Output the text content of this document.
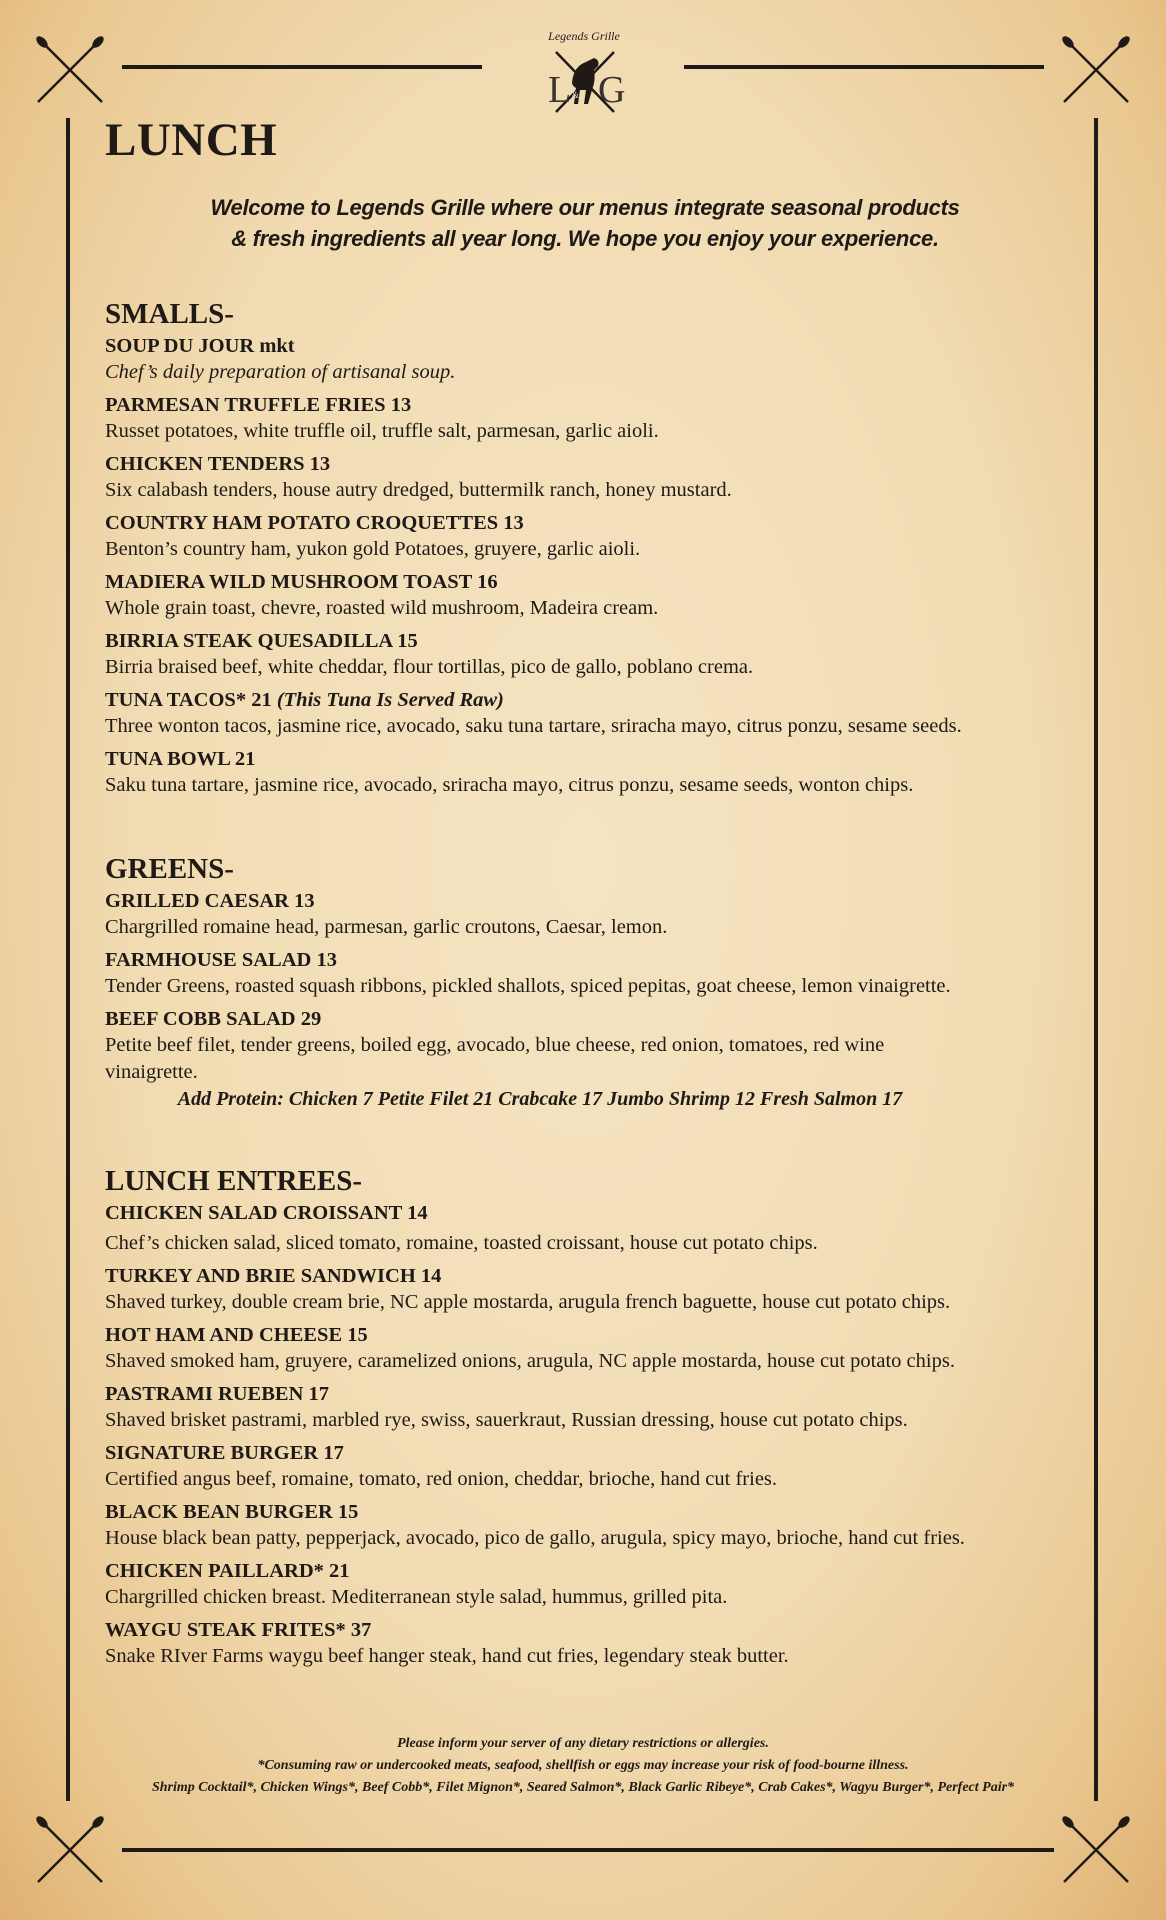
Legends Grille
L G
&
LUNCH
Welcome to Legends Grille where our menus integrate seasonal products
& fresh ingredients all year long. We hope you enjoy your experience.
SMALLS-

SOUP DU JOUR mkt

Chef’s daily preparation of artisanal soup.

PARMESAN TRUFFLE FRIES 13

Russet potatoes, white truffle oil, truffle salt, parmesan, garlic aioli.

CHICKEN TENDERS 13

Six calabash tenders, house autry dredged, buttermilk ranch, honey mustard.

COUNTRY HAM POTATO CROQUETTES 13

Benton’s country ham, yukon gold Potatoes, gruyere, garlic aioli.

MADIERA WILD MUSHROOM TOAST 16

Whole grain toast, chevre, roasted wild mushroom, Madeira cream.

BIRRIA STEAK QUESADILLA 15

Birria braised beef, white cheddar, flour tortillas, pico de gallo, poblano crema.

TUNA TACOS* 21 (This Tuna Is Served Raw)

Three wonton tacos, jasmine rice, avocado, saku tuna tartare, sriracha mayo, citrus ponzu, sesame seeds.

TUNA BOWL 21

Saku tuna tartare, jasmine rice, avocado, sriracha mayo, citrus ponzu, sesame seeds, wonton chips.

GREENS-

GRILLED CAESAR 13

Chargrilled romaine head, parmesan, garlic croutons, Caesar, lemon.

FARMHOUSE SALAD 13

Tender Greens, roasted squash ribbons, pickled shallots, spiced pepitas, goat cheese, lemon vinaigrette.

BEEF COBB SALAD 29

Petite beef filet, tender greens, boiled egg, avocado, blue cheese, red onion, tomatoes, red wine vinaigrette.

Add Protein: Chicken 7 Petite Filet 21 Crabcake 17 Jumbo Shrimp 12 Fresh Salmon 17

LUNCH ENTREES-

CHICKEN SALAD CROISSANT 14

Chef’s chicken salad, sliced tomato, romaine, toasted croissant, house cut potato chips.

TURKEY AND BRIE SANDWICH 14

Shaved turkey, double cream brie, NC apple mostarda, arugula french baguette, house cut potato chips.

HOT HAM AND CHEESE 15

Shaved smoked ham, gruyere, caramelized onions, arugula, NC apple mostarda, house cut potato chips.

PASTRAMI RUEBEN 17

Shaved brisket pastrami, marbled rye, swiss, sauerkraut, Russian dressing, house cut potato chips.

SIGNATURE BURGER 17

Certified angus beef, romaine, tomato, red onion, cheddar, brioche, hand cut fries.

BLACK BEAN BURGER 15

House black bean patty, pepperjack, avocado, pico de gallo, arugula, spicy mayo, brioche, hand cut fries.

CHICKEN PAILLARD* 21

Chargrilled chicken breast. Mediterranean style salad, hummus, grilled pita.

WAYGU STEAK FRITES* 37

Snake RIver Farms waygu beef hanger steak, hand cut fries, legendary steak butter.

Please inform your server of any dietary restrictions or allergies.

*Consuming raw or undercooked meats, seafood, shellfish or eggs may increase your risk of food-bourne illness.

Shrimp Cocktail*, Chicken Wings*, Beef Cobb*, Filet Mignon*, Seared Salmon*, Black Garlic Ribeye*, Crab Cakes*, Wagyu Burger*, Perfect Pair*
